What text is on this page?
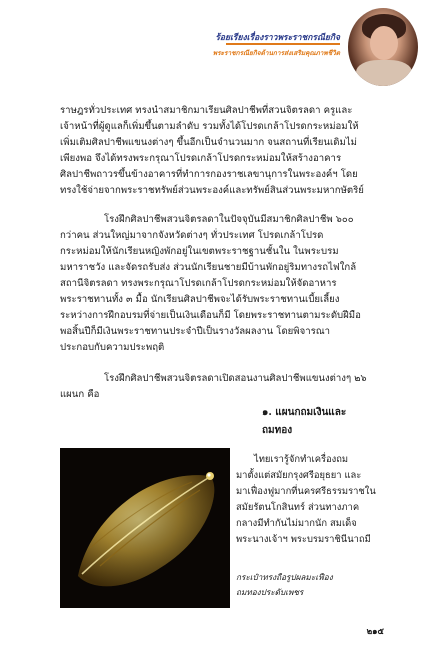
ร้อยเรียงเรื่องราวพระราชกรณียกิจ
พระราชกรณียกิจด้านการส่งเสริมคุณภาพชีวิต
ราษฎรทั่วประเทศ ทรงนำสมาชิกมาเรียนศิลปาชีพที่สวนจิตรลดา ครูและ
เจ้าหน้าที่ผู้ดูแลก็เพิ่มขึ้นตามลำดับ รวมทั้งได้โปรดเกล้าโปรดกระหม่อมให้
เพิ่มเติมศิลปาชีพแขนงต่างๆ ขึ้นอีกเป็นจำนวนมาก จนสถานที่เรียนเดิมไม่
เพียงพอ จึงได้ทรงพระกรุณาโปรดเกล้าโปรดกระหม่อมให้สร้างอาคาร
ศิลปาชีพถาวรขึ้นข้างอาคารที่ทำการกองราชเลขานุการในพระองค์ฯ โดย
ทรงใช้จ่ายจากพระราชทรัพย์ส่วนพระองค์และทรัพย์สินส่วนพระมหากษัตริย์
โรงฝึกศิลปาชีพสวนจิตรลดาในปัจจุบันมีสมาชิกศิลปาชีพ ๖๐๐
กว่าคน ส่วนใหญ่มาจากจังหวัดต่างๆ ทั่วประเทศ โปรดเกล้าโปรด
กระหม่อมให้นักเรียนหญิงพักอยู่ในเขตพระราชฐานชั้นใน ในพระบรม
มหาราชวัง และจัดรถรับส่ง ส่วนนักเรียนชายมีบ้านพักอยู่ริมทางรถไฟใกล้
สถานีจิตรลดา ทรงพระกรุณาโปรดเกล้าโปรดกระหม่อมให้จัดอาหาร
พระราชทานทั้ง ๓ มื้อ นักเรียนศิลปาชีพจะได้รับพระราชทานเบี้ยเลี้ยง
ระหว่างการฝึกอบรมที่จ่ายเป็นเงินเดือนก็มี โดยพระราชทานตามระดับฝีมือ
พอสิ้นปีก็มีเงินพระราชทานประจำปีเป็นรางวัลผลงาน โดยพิจารณา
ประกอบกับความประพฤติ
โรงฝึกศิลปาชีพสวนจิตรลดาเปิดสอนงานศิลปาชีพแขนงต่างๆ ๒๖
แผนก คือ
๑. แผนกถมเงินและ
ถมทอง
ไทยเรารู้จักทำเครื่องถม
มาตั้งแต่สมัยกรุงศรีอยุธยา และ
มาเฟื่องฟูมากที่นครศรีธรรมราชใน
สมัยรัตนโกสินทร์ ส่วนทางภาค
กลางมีทำกันไม่มากนัก สมเด็จ
พระนางเจ้าฯ พระบรมราชินีนาถมี
กระเป๋าทรงถือรูปผลมะเฟือง
ถมทองประดับเพชร
๒๑๕
